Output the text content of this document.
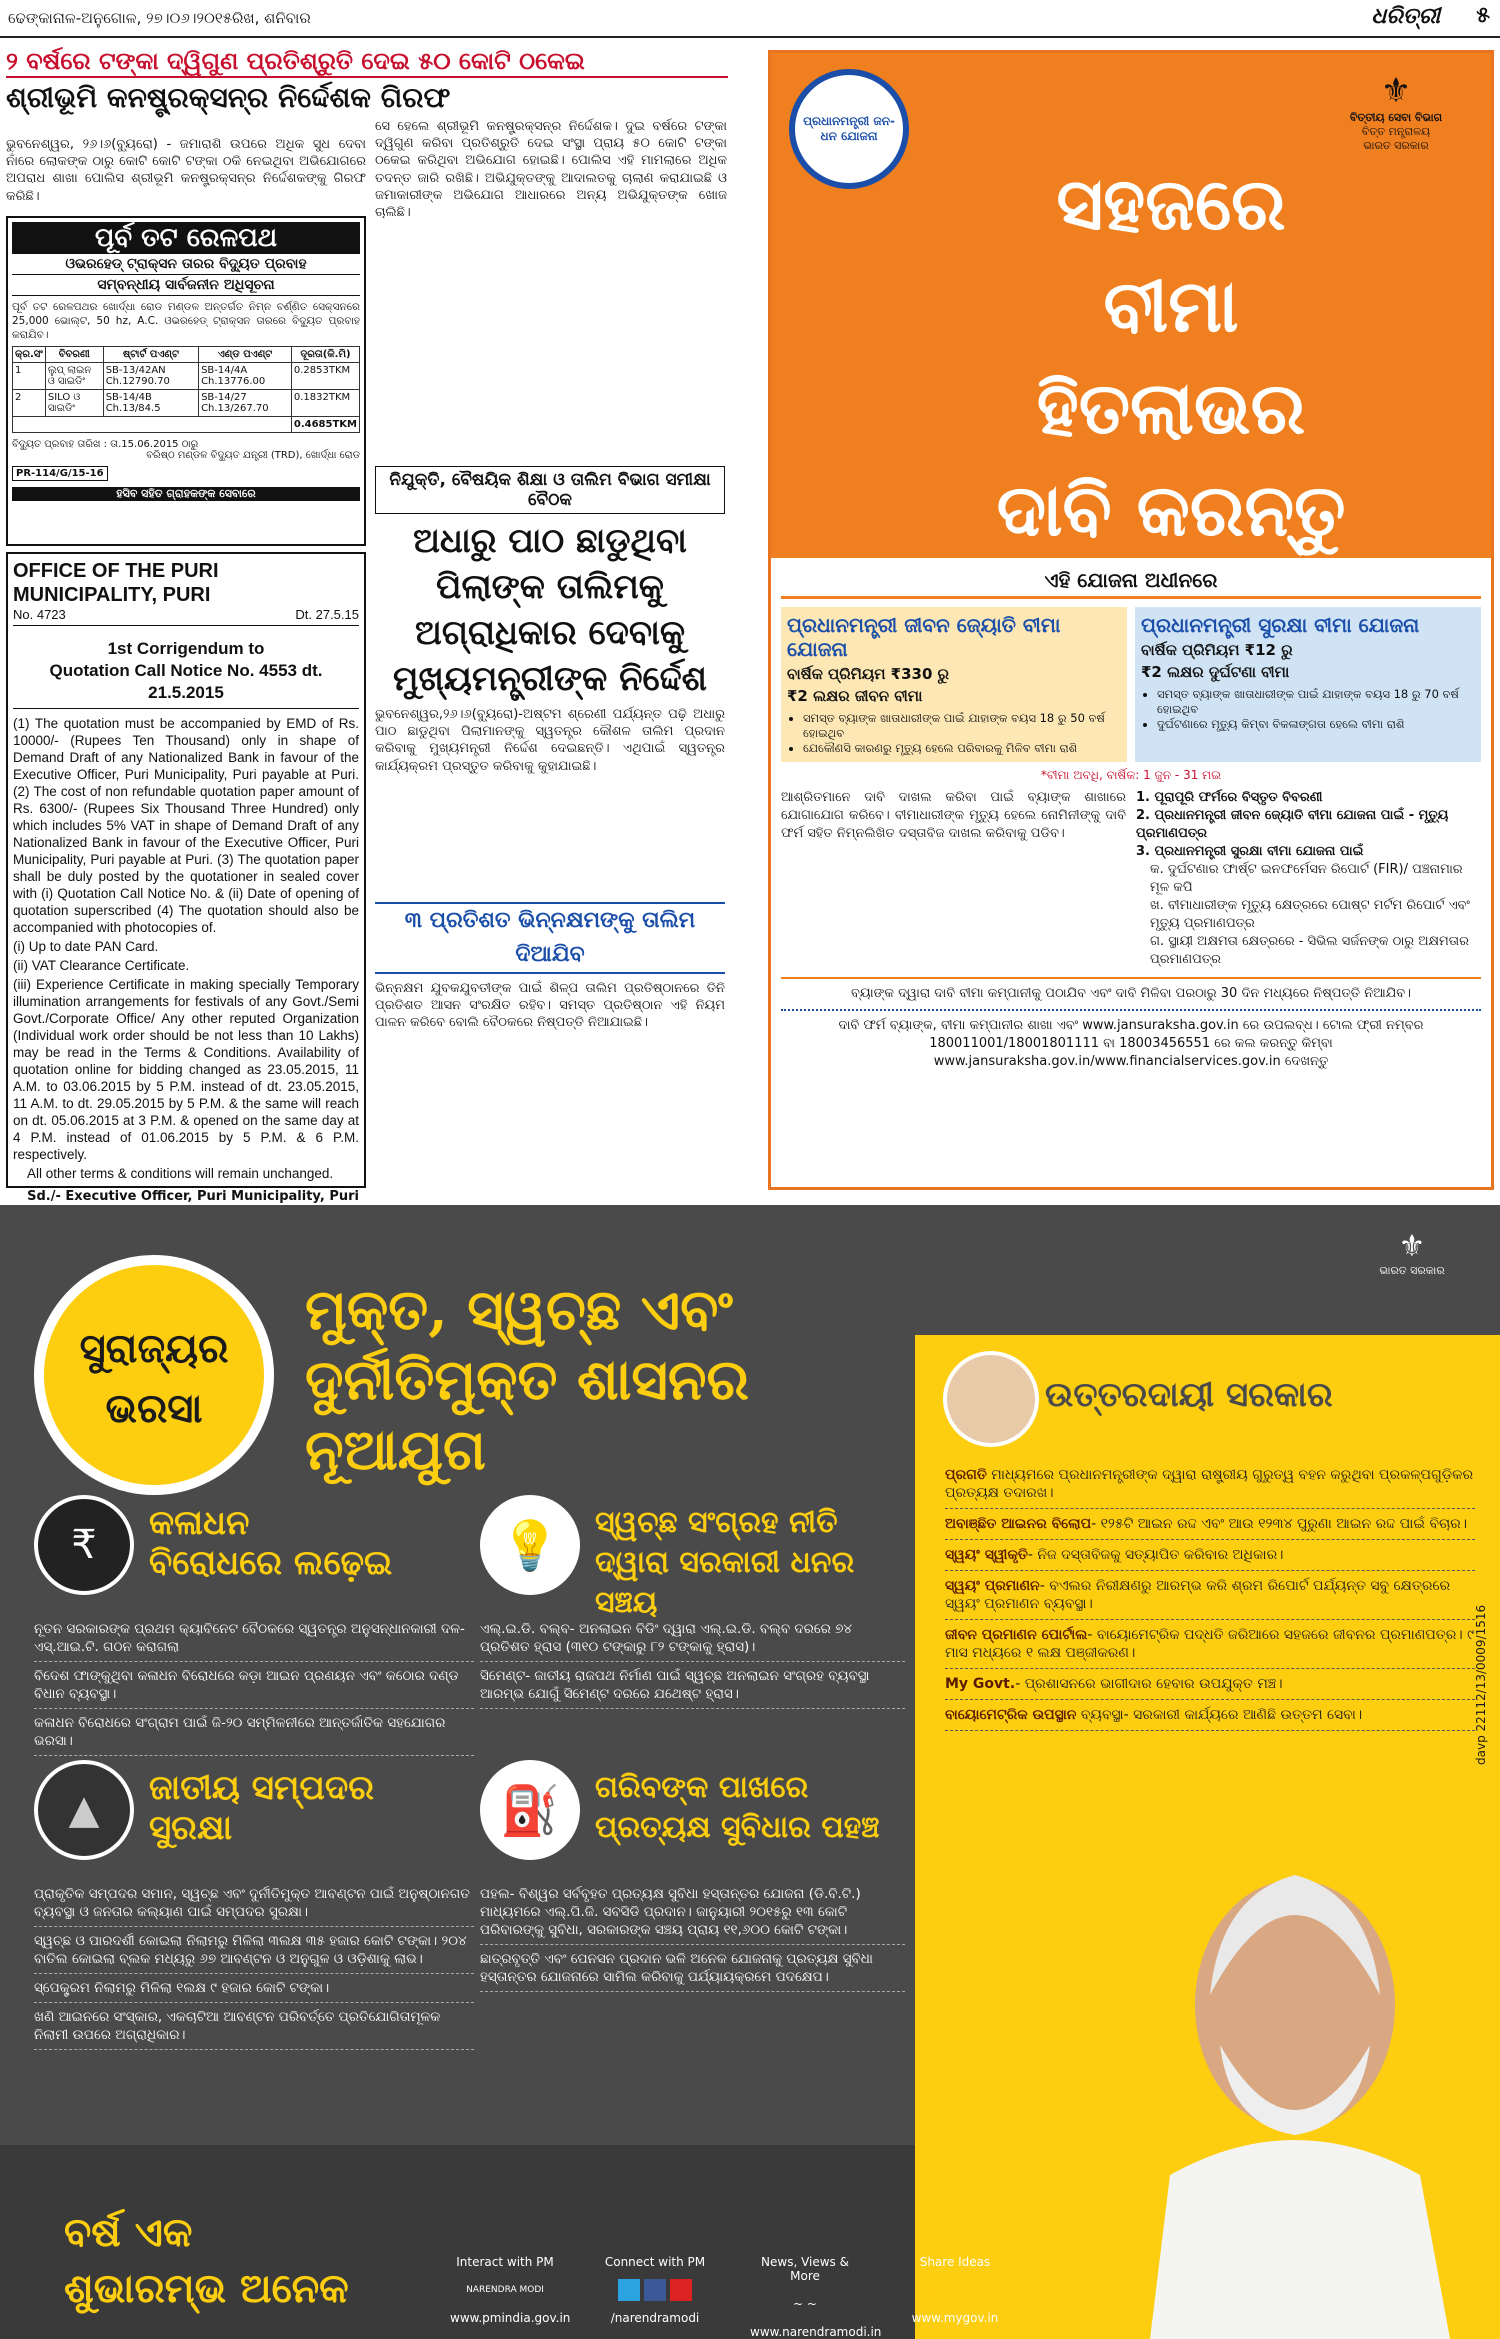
ଢେଙ୍କାନାଳ-ଅନୁଗୋଳ, ୨୭।୦୬।୨୦୧୫ରିଖ, ଶନିବାର	ଧରିତ୍ରୀ ୫
୨ ବର୍ଷରେ ଟଙ୍କା ଦ୍ୱିଗୁଣ ପ୍ରତିଶ୍ରୁତି ଦେଇ ୫୦ କୋଟି ଠକେଇ
ଶ୍ରୀଭୂମି କନଷ୍ଟ୍ରକ୍ସନ୍‌ର ନିର୍ଦ୍ଦେଶକ ଗିରଫ

ଭୁବନେଶ୍ୱର, ୨୬।୬(ବ୍ୟୁରୋ) - ଜମାରାଶି ଉପରେ ଅଧିକ ସୁଧ ଦେବା ନାଁରେ ଲୋକଙ୍କ ଠାରୁ କୋଟି କୋଟି ଟଙ୍କା ଠକି ନେଇଥିବା ଅଭିଯୋଗରେ ଅପରାଧ ଶାଖା ପୋଲିସ ଶ୍ରୀଭୂମି କନଷ୍ଟ୍ରକ୍ସନ୍‌ର ନିର୍ଦ୍ଦେଶକଙ୍କୁ ଗିରଫ କରିଛି।

ସେ ହେଲେ ଶ୍ରୀଭୂମି କନଷ୍ଟ୍ରକ୍ସନ୍‌ର ନିର୍ଦ୍ଦେଶକ। ଦୁଇ ବର୍ଷରେ ଟଙ୍କା ଦ୍ୱିଗୁଣ କରିବା ପ୍ରତିଶ୍ରୁତି ଦେଇ ସଂସ୍ଥା ପ୍ରାୟ ୫୦ କୋଟି ଟଙ୍କା ଠକେଇ କରିଥିବା ଅଭିଯୋଗ ହୋଇଛି। ପୋଲିସ ଏହି ମାମଲାରେ ଅଧିକ ତଦନ୍ତ ଜାରି ରଖିଛି। ଅଭିଯୁକ୍ତଙ୍କୁ ଆଦାଲତକୁ ଚାଲାଣ କରାଯାଇଛି ଓ ଜମାକାରୀଙ୍କ ଅଭିଯୋଗ ଆଧାରରେ ଅନ୍ୟ ଅଭିଯୁକ୍ତଙ୍କ ଖୋଜ ଚାଲିଛି।

ପୂର୍ବ ତଟ ରେଳପଥ
ଓଭରହେଡ୍ ଟ୍ରାକ୍ସନ ତାରର ବିଦ୍ୟୁତ ପ୍ରବାହ
ସମ୍ବନ୍ଧୀୟ ସାର୍ବଜନୀନ ଅଧିସୂଚନା

ପୂର୍ବ ତଟ ରେଳପଥର ଖୋର୍ଦ୍ଧା ରୋଡ ମଣ୍ଡଳ ଅନ୍ତର୍ଗତ ନିମ୍ନ ବର୍ଣ୍ଣିତ ସେକ୍ସନରେ 25,000 ଭୋଲ୍ଟ, 50 hz, A.C. ଓଭରହେଡ୍ ଟ୍ରାକ୍ସନ ତାରରେ ବିଦ୍ୟୁତ ପ୍ରବାହ କରାଯିବ।

କ୍ର.ସଂ	ବିବରଣୀ	ଷ୍ଟାର୍ଟ ପଏଣ୍ଟ	ଏଣ୍ଡ ପଏଣ୍ଟ	ଦୂରତା(କି.ମି)
1	ଲୁପ୍ ଲାଇନ ଓ ସାଇଡିଂ	SB-13/42AN Ch.12790.70	SB-14/4A Ch.13776.00	0.2853TKM
2	SILO ଓ ସାଇଡିଂ	SB-14/4B Ch.13/84.5	SB-14/27 Ch.13/267.70	0.1832TKM
				0.4685TKM
ବିଦ୍ୟୁତ ପ୍ରବାହ ତାରିଖ : ତା.15.06.2015 ଠାରୁ
ବରିଷ୍ଠ ମଣ୍ଡଳ ବିଦ୍ୟୁତ ଯନ୍ତ୍ରୀ (TRD), ଖୋର୍ଦ୍ଧା ରୋଡ
PR-114/G/15-16
ହସିବ ସହିତ ଗ୍ରାହକଙ୍କ ସେବାରେ
OFFICE OF THE PURI MUNICIPALITY, PURI
No. 4723	Dt. 27.5.15
1st Corrigendum to
Quotation Call Notice No. 4553 dt. 21.5.2015
(1) The quotation must be accompanied by EMD of Rs. 10000/- (Rupees Ten Thousand) only in shape of Demand Draft of any Nationalized Bank in favour of the Executive Officer, Puri Municipality, Puri payable at Puri. (2) The cost of non refundable quotation paper amount of Rs. 6300/- (Rupees Six Thousand Three Hundred) only which includes 5% VAT in shape of Demand Draft of any Nationalized Bank in favour of the Executive Officer, Puri Municipality, Puri payable at Puri. (3) The quotation paper shall be duly posted by the quotationer in sealed cover with (i) Quotation Call Notice No. & (ii) Date of opening of quotation superscribed (4) The quotation should also be accompanied with photocopies of.
(i) Up to date PAN Card.
(ii) VAT Clearance Certificate.
(iii) Experience Certificate in making specially Temporary illumination arrangements for festivals of any Govt./Semi Govt./Corporate Office/ Any other reputed Organization (Individual work order should be not less than 10 Lakhs) may be read in the Terms & Conditions. Availability of quotation online for bidding changed as 23.05.2015, 11 A.M. to 03.06.2015 by 5 P.M. instead of dt. 23.05.2015, 11 A.M. to dt. 29.05.2015 by 5 P.M. & the same will reach on dt. 05.06.2015 at 3 P.M. & opened on the same day at 4 P.M. instead of 01.06.2015 by 5 P.M. & 6 P.M. respectively.
All other terms & conditions will remain unchanged.
Sd./- Executive Officer, Puri Municipality, Puri
ନିଯୁକ୍ତି, ବୈଷୟିକ ଶିକ୍ଷା ଓ ତାଲିମ ବିଭାଗ ସମୀକ୍ଷା ବୈଠକ
ଅଧାରୁ ପାଠ ଛାଡୁଥିବା ପିଲାଙ୍କ ତାଲିମକୁ ଅଗ୍ରାଧିକାର ଦେବାକୁ ମୁଖ୍ୟମନ୍ତ୍ରୀଙ୍କ ନିର୍ଦ୍ଦେଶ

ଭୁବନେଶ୍ୱର,୨୬।୬(ବ୍ୟୁରୋ)-ଅଷ୍ଟମ ଶ୍ରେଣୀ ପର୍ଯ୍ୟନ୍ତ ପଢ଼ି ଅଧାରୁ ପାଠ ଛାଡୁଥିବା ପିଲାମାନଙ୍କୁ ସ୍ୱତନ୍ତ୍ର କୌଶଳ ତାଲିମ ପ୍ରଦାନ କରିବାକୁ ମୁଖ୍ୟମନ୍ତ୍ରୀ ନିର୍ଦ୍ଦେଶ ଦେଇଛନ୍ତି। ଏଥିପାଇଁ ସ୍ୱତନ୍ତ୍ର କାର୍ଯ୍ୟକ୍ରମ ପ୍ରସ୍ତୁତ କରିବାକୁ କୁହାଯାଇଛି।

୩ ପ୍ରତିଶତ ଭିନ୍ନକ୍ଷମଙ୍କୁ ତାଲିମ ଦିଆଯିବ

ଭିନ୍ନକ୍ଷମ ଯୁବକଯୁବତୀଙ୍କ ପାଇଁ ଶିଳ୍ପ ତାଲିମ ପ୍ରତିଷ୍ଠାନରେ ତିନି ପ୍ରତିଶତ ଆସନ ସଂରକ୍ଷିତ ରହିବ। ସମସ୍ତ ପ୍ରତିଷ୍ଠାନ ଏହି ନିୟମ ପାଳନ କରିବେ ବୋଲି ବୈଠକରେ ନିଷ୍ପତ୍ତି ନିଆଯାଇଛି।

ପ୍ରଧାନମନ୍ତ୍ରୀ ଜନ-ଧନ ଯୋଜନା
⚜
ବିତ୍ତୀୟ ସେବା ବିଭାଗ
ବିତ୍ତ ମନ୍ତ୍ରାଳୟ
ଭାରତ ସରକାର
ସହଜରେ
ବୀମା
ହିତଲାଭର
ଦାବି କରନ୍ତୁ
ଏହି ଯୋଜନା ଅଧୀନରେ
ପ୍ରଧାନମନ୍ତ୍ରୀ ଜୀବନ ଜ୍ୟୋତି ବୀମା ଯୋଜନା
ବାର୍ଷିକ ପ୍ରିମିୟମ ₹330 ରୁ
₹2 ଲକ୍ଷର ଜୀବନ ବୀମା
• ସମସ୍ତ ବ୍ୟାଙ୍କ ଖାତାଧାରୀଙ୍କ ପାଇଁ ଯାହାଙ୍କ ବୟସ 18 ରୁ 50 ବର୍ଷ ହୋଇଥିବ
• ଯେକୌଣସି କାରଣରୁ ମୃତ୍ୟୁ ହେଲେ ପରିବାରକୁ ମିଳିବ ବୀମା ରାଶି
ପ୍ରଧାନମନ୍ତ୍ରୀ ସୁରକ୍ଷା ବୀମା ଯୋଜନା
ବାର୍ଷିକ ପ୍ରିମିୟମ ₹12 ରୁ
₹2 ଲକ୍ଷର ଦୁର୍ଘଟଣା ବୀମା
• ସମସ୍ତ ବ୍ୟାଙ୍କ ଖାତାଧାରୀଙ୍କ ପାଇଁ ଯାହାଙ୍କ ବୟସ 18 ରୁ 70 ବର୍ଷ ହୋଇଥିବ
• ଦୁର୍ଘଟଣାରେ ମୃତ୍ୟୁ କିମ୍ବା ବିକଳାଙ୍ଗତା ହେଲେ ବୀମା ରାଶି
*ବୀମା ଅବଧି, ବାର୍ଷିକ: 1 ଜୁନ - 31 ମଇ
ଆଶ୍ରିତମାନେ ଦାବି ଦାଖଲ କରିବା ପାଇଁ ବ୍ୟାଙ୍କ ଶାଖାରେ ଯୋଗାଯୋଗ କରିବେ। ବୀମାଧାରୀଙ୍କ ମୃତ୍ୟୁ ହେଲେ ନୋମିନୀଙ୍କୁ ଦାବି ଫର୍ମ ସହିତ ନିମ୍ନଲିଖିତ ଦସ୍ତାବିଜ ଦାଖଲ କରିବାକୁ ପଡିବ।
1. ପୂରାପୂରି ଫର୍ମରେ ବିସ୍ତୃତ ବିବରଣୀ
2. ପ୍ରଧାନମନ୍ତ୍ରୀ ଜୀବନ ଜ୍ୟୋତି ବୀମା ଯୋଜନା ପାଇଁ - ମୃତ୍ୟୁ ପ୍ରମାଣପତ୍ର
3. ପ୍ରଧାନମନ୍ତ୍ରୀ ସୁରକ୍ଷା ବୀମା ଯୋଜନା ପାଇଁ
କ. ଦୁର୍ଘଟଣାର ଫାର୍ଷ୍ଟ ଇନଫର୍ମେସନ ରିପୋର୍ଟ (FIR)/ ପଞ୍ଚନାମାର ମୂଳ କପି
ଖ. ବୀମାଧାରୀଙ୍କ ମୃତ୍ୟୁ କ୍ଷେତ୍ରରେ ପୋଷ୍ଟ ମର୍ଟମ ରିପୋର୍ଟ ଏବଂ ମୃତ୍ୟୁ ପ୍ରମାଣପତ୍ର
ଗ. ସ୍ଥାୟୀ ଅକ୍ଷମତା କ୍ଷେତ୍ରରେ - ସିଭିଲ ସର୍ଜନଙ୍କ ଠାରୁ ଅକ୍ଷମତାର ପ୍ରମାଣପତ୍ର
ବ୍ୟାଙ୍କ ଦ୍ୱାରା ଦାବି ବୀମା କମ୍ପାନୀକୁ ପଠାଯିବ ଏବଂ ଦାବି ମିଳିବା ପରଠାରୁ 30 ଦିନ ମଧ୍ୟରେ ନିଷ୍ପତ୍ତି ନିଆଯିବ।
ଦାବି ଫର୍ମ ବ୍ୟାଙ୍କ, ବୀମା କମ୍ପାନୀର ଶାଖା ଏବଂ www.jansuraksha.gov.in ରେ ଉପଲବ୍ଧ। ଟୋଲ ଫ୍ରୀ ନମ୍ବର 180011001/18001801111 ବା 18003456551 ରେ କଲ କରନ୍ତୁ କିମ୍ବା www.jansuraksha.gov.in/www.financialservices.gov.in ଦେଖନ୍ତୁ
ସୁରାଜ୍ୟର
ଭରସା
ମୁକ୍ତ, ସ୍ୱଚ୍ଛ ଏବଂ
ଦୁର୍ନୀତିମୁକ୍ତ ଶାସନର
ନୂଆଯୁଗ
⚜
ଭାରତ ସରକାର
₹ କଳାଧନ
ବିରୋଧରେ ଲଢ଼େଇ
ନୂତନ ସରକାରଙ୍କ ପ୍ରଥମ କ୍ୟାବିନେଟ ବୈଠକରେ ସ୍ୱତନ୍ତ୍ର ଅନୁସନ୍ଧାନକାରୀ ଦଳ- ଏସ୍.ଆଇ.ଟି. ଗଠନ କରାଗଲା
ବିଦେଶ ଫାଙ୍କୁଥିବା କଳାଧନ ବିରୋଧରେ କଡ଼ା ଆଇନ ପ୍ରଣୟନ ଏବଂ କଠୋର ଦଣ୍ଡ ବିଧାନ ବ୍ୟବସ୍ଥା।
କଳାଧନ ବିରୋଧରେ ସଂଗ୍ରାମ ପାଇଁ ଜି-୨୦ ସମ୍ମିଳନୀରେ ଆନ୍ତର୍ଜାତିକ ସହଯୋଗର ଭରସା।
💡 ସ୍ୱଚ୍ଛ ସଂଗ୍ରହ ନୀତି
ଦ୍ୱାରା ସରକାରୀ ଧନର ସଞ୍ଚୟ
ଏଲ୍.ଇ.ଡି. ବଲ୍ବ- ଅନଲାଇନ ବିଡିଂ ଦ୍ୱାରା ଏଲ୍.ଇ.ଡି. ବଲ୍ବ ଦରରେ ୭୪ ପ୍ରତିଶତ ହ୍ରାସ (୩୧୦ ଟଙ୍କାରୁ ୮୨ ଟଙ୍କାକୁ ହ୍ରାସ)।
ସିମେଣ୍ଟ- ଜାତୀୟ ରାଜପଥ ନିର୍ମାଣ ପାଇଁ ସ୍ୱଚ୍ଛ ଅନଲାଇନ ସଂଗ୍ରହ ବ୍ୟବସ୍ଥା ଆରମ୍ଭ ଯୋଗୁଁ ସିମେଣ୍ଟ ଦରରେ ଯଥେଷ୍ଟ ହ୍ରାସ।
▲ ଜାତୀୟ ସମ୍ପଦର
ସୁରକ୍ଷା
ପ୍ରାକୃତିକ ସମ୍ପଦର ସମାନ, ସ୍ୱଚ୍ଛ ଏବଂ ଦୁର୍ନୀତିମୁକ୍ତ ଆବଣ୍ଟନ ପାଇଁ ଅନୁଷ୍ଠାନଗତ ବ୍ୟବସ୍ଥା ଓ ଜନତାର କଲ୍ୟାଣ ପାଇଁ ସମ୍ପଦର ସୁରକ୍ଷା।
ସ୍ୱଚ୍ଛ ଓ ପାରଦର୍ଶୀ କୋଇଲା ନିଲାମରୁ ମିଳିଲା ୩ଲକ୍ଷ ୩୫ ହଜାର କୋଟି ଟଙ୍କା। ୨୦୪ ବାତିଲ କୋଇଲା ବ୍ଲକ ମଧ୍ୟରୁ ୬୭ ଆବଣ୍ଟନ ଓ ଅନୁଗୁଳ ଓ ଓଡ଼ିଶାକୁ ଲାଭ।
ସ୍ପେକ୍ଟ୍ରମ ନିଲାମରୁ ମିଳିଲା ୧ଲକ୍ଷ ୯ ହଜାର କୋଟି ଟଙ୍କା।
ଖଣି ଆଇନରେ ସଂସ୍କାର, ଏକଚାଟିଆ ଆବଣ୍ଟନ ପରିବର୍ତ୍ତେ ପ୍ରତିଯୋଗିତାମୂଳକ ନିଲାମୀ ଉପରେ ଅଗ୍ରାଧିକାର।
⛽ ଗରିବଙ୍କ ପାଖରେ
ପ୍ରତ୍ୟକ୍ଷ ସୁବିଧାର ପହଞ୍ଚ
ପହଲ- ବିଶ୍ୱର ସର୍ବବୃହତ ପ୍ରତ୍ୟକ୍ଷ ସୁବିଧା ହସ୍ତାନ୍ତର ଯୋଜନା (ଡି.ବି.ଟି.) ମାଧ୍ୟମରେ ଏଲ୍.ପି.ଜି. ସବସିଡି ପ୍ରଦାନ। ଜାନୁୟାରୀ ୨୦୧୫ରୁ ୧୩ କୋଟି ପରିବାରଙ୍କୁ ସୁବିଧା, ସରକାରଙ୍କ ସଞ୍ଚୟ ପ୍ରାୟ ୧୧,୬୦୦ କୋଟି ଟଙ୍କା।
ଛାତ୍ରବୃତ୍ତି ଏବଂ ପେନସନ ପ୍ରଦାନ ଭଳି ଅନେକ ଯୋଜନାକୁ ପ୍ରତ୍ୟକ୍ଷ ସୁବିଧା ହସ୍ତାନ୍ତର ଯୋଜନାରେ ସାମିଲ କରିବାକୁ ପର୍ଯ୍ୟାୟକ୍ରମେ ପଦକ୍ଷେପ।
ଉତ୍ତରଦାୟୀ ସରକାର
ପ୍ରଗତି ମାଧ୍ୟମରେ ପ୍ରଧାନମନ୍ତ୍ରୀଙ୍କ ଦ୍ୱାରା ରାଷ୍ଟ୍ରୀୟ ଗୁରୁତ୍ୱ ବହନ କରୁଥିବା ପ୍ରକଳ୍ପଗୁଡ଼ିକର ପ୍ରତ୍ୟକ୍ଷ ତଦାରଖ।
ଅବାଞ୍ଛିତ ଆଇନର ବିଲୋପ- ୧୨୫ଟି ଆଇନ ରଦ୍ଦ ଏବଂ ଆଉ ୧୨୩୪ ପୁରୁଣା ଆଇନ ରଦ୍ଦ ପାଇଁ ବିଚାର।
ସ୍ୱୟଂ ସ୍ୱୀକୃତି- ନିଜ ଦସ୍ତାବିଜକୁ ସତ୍ୟାପିତ କରିବାର ଅଧିକାର।
ସ୍ୱୟଂ ପ୍ରମାଣନ- ବଏଲର ନିରୀକ୍ଷଣରୁ ଆରମ୍ଭ କରି ଶ୍ରମ ରିପୋର୍ଟ ପର୍ଯ୍ୟନ୍ତ ସବୁ କ୍ଷେତ୍ରରେ ସ୍ୱୟଂ ପ୍ରମାଣନ ବ୍ୟବସ୍ଥା।
ଜୀବନ ପ୍ରମାଣନ ପୋର୍ଟାଲ- ବାୟୋମେଟ୍ରିକ ପଦ୍ଧତି ଜରିଆରେ ସହଜରେ ଜୀବନର ପ୍ରମାଣପତ୍ର। ୯ ମାସ ମଧ୍ୟରେ ୧ ଲକ୍ଷ ପଞ୍ଜୀକରଣ।
My Govt.- ପ୍ରଶାସନରେ ଭାଗୀଦାର ହେବାର ଉପଯୁକ୍ତ ମଞ୍ଚ।
ବାୟୋମେଟ୍ରିକ ଉପସ୍ଥାନ ବ୍ୟବସ୍ଥା- ସରକାରୀ କାର୍ଯ୍ୟରେ ଆଣିଛି ଉତ୍ତମ ସେବା।	davp 22112/13/0009/1516
ବର୍ଷ ଏକ
ଶୁଭାରମ୍ଭ ଅନେକ
Interact with PM
NARENDRA MODI
www.pmindia.gov.in
Connect with PM
/narendramodi
News, Views & More
~ ~
www.narendramodi.in
Share Ideas
MY GOV
www.mygov.in
